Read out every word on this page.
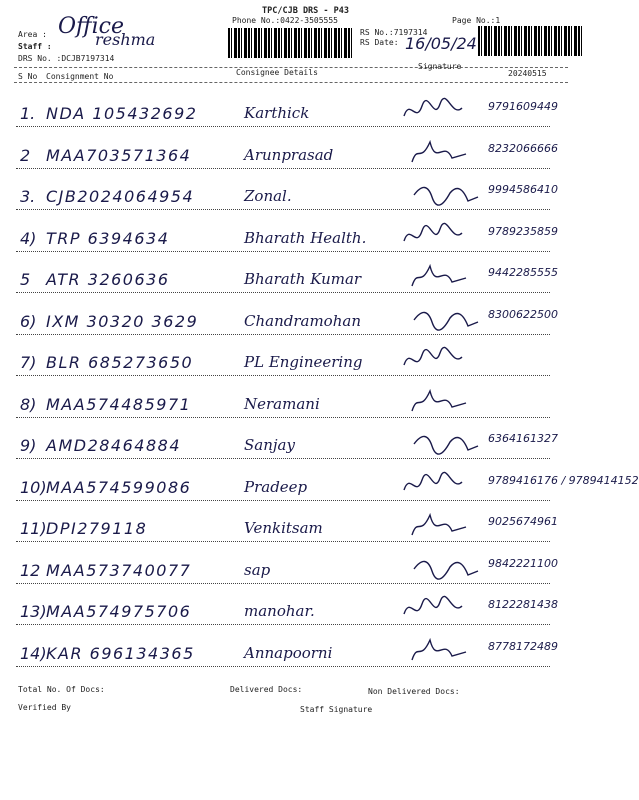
TPC/CJB DRS - P43
Phone No.:0422-3505555	Page No.:1
Area : Office
Staff :	reshma
DRS No. :DCJB7197314
RS No.:7197314
RS Date: 16/05/24
S No Consignment No	Consignee Details
Signature
20240515
1. NDA 105432692	Karthick	9791609449
2 MAA703571364	Arunprasad	8232066666
3. CJB2024064954	Zonal.	9994586410
4) TRP 6394634	Bharath Health.	9789235859
5 ATR 3260636	Bharath Kumar	9442285555
6) IXM 30320 3629	Chandramohan	8300622500
7) BLR 685273650	PL Engineering
8) MAA574485971	Neramani
9) AMD28464884	Sanjay	6364161327
10) MAA574599086	Pradeep	9789416176 / 9789414152
11) DPI279118	Venkitsam	9025674961
12 MAA573740077	sap	9842221100
13) MAA574975706	manohar.	8122281438
14) KAR 696134365	Annapoorni	8778172489
Total No. Of Docs:	Delivered Docs:	Non Delivered Docs:
Verified By	Staff Signature
